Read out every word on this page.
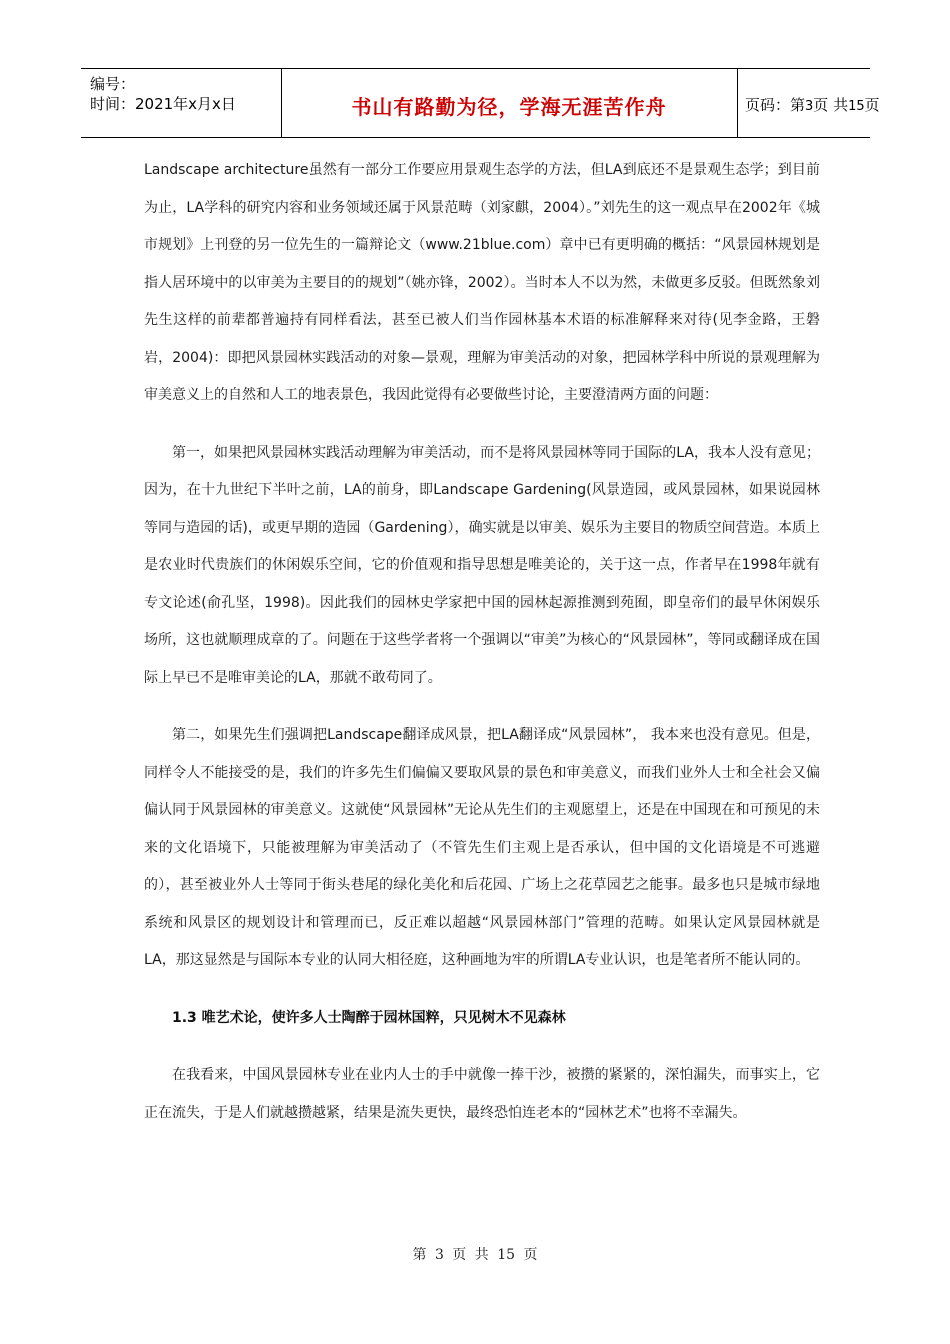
编号：
时间：2021年x月x日	书山有路勤为径，学海无涯苦作舟	页码：第3页 共15页

Landscape architecture虽然有一部分工作要应用景观生态学的方法，但LA到底还不是景观生态学；到目前为止，LA学科的研究内容和业务领域还属于风景范畴（刘家麒，2004）。”刘先生的这一观点早在2002年《城市规划》上刊登的另一位先生的一篇辩论文（www.21blue.com）章中已有更明确的概括：“风景园林规划是指人居环境中的以审美为主要目的的规划”（姚亦锋，2002）。当时本人不以为然，未做更多反驳。但既然象刘先生这样的前辈都普遍持有同样看法，甚至已被人们当作园林基本术语的标准解释来对待(见李金路，王磐岩，2004)：即把风景园林实践活动的对象—景观，理解为审美活动的对象，把园林学科中所说的景观理解为审美意义上的自然和人工的地表景色，我因此觉得有必要做些讨论，主要澄清两方面的问题：

第一，如果把风景园林实践活动理解为审美活动，而不是将风景园林等同于国际的LA，我本人没有意见；因为，在十九世纪下半叶之前，LA的前身，即Landscape Gardening(风景造园，或风景园林，如果说园林等同与造园的话)，或更早期的造园（Gardening），确实就是以审美、娱乐为主要目的物质空间营造。本质上是农业时代贵族们的休闲娱乐空间，它的价值观和指导思想是唯美论的，关于这一点，作者早在1998年就有专文论述(俞孔坚，1998)。因此我们的园林史学家把中国的园林起源推测到苑囿，即皇帝们的最早休闲娱乐场所，这也就顺理成章的了。问题在于这些学者将一个强调以“审美”为核心的“风景园林”，等同或翻译成在国际上早已不是唯审美论的LA，那就不敢苟同了。

第二，如果先生们强调把Landscape翻译成风景，把LA翻译成“风景园林”， 我本来也没有意见。但是，同样令人不能接受的是，我们的许多先生们偏偏又要取风景的景色和审美意义，而我们业外人士和全社会又偏偏认同于风景园林的审美意义。这就使“风景园林”无论从先生们的主观愿望上，还是在中国现在和可预见的未来的文化语境下，只能被理解为审美活动了（不管先生们主观上是否承认，但中国的文化语境是不可逃避的），甚至被业外人士等同于街头巷尾的绿化美化和后花园、广场上之花草园艺之能事。最多也只是城市绿地系统和风景区的规划设计和管理而已，反正难以超越“风景园林部门”管理的范畴。如果认定风景园林就是LA，那这显然是与国际本专业的认同大相径庭，这种画地为牢的所谓LA专业认识，也是笔者所不能认同的。

1.3 唯艺术论，使许多人士陶醉于园林国粹，只见树木不见森林

在我看来，中国风景园林专业在业内人士的手中就像一捧干沙，被攒的紧紧的，深怕漏失，而事实上，它正在流失，于是人们就越攒越紧，结果是流失更快，最终恐怕连老本的“园林艺术”也将不幸漏失。

第 3 页 共 15 页
